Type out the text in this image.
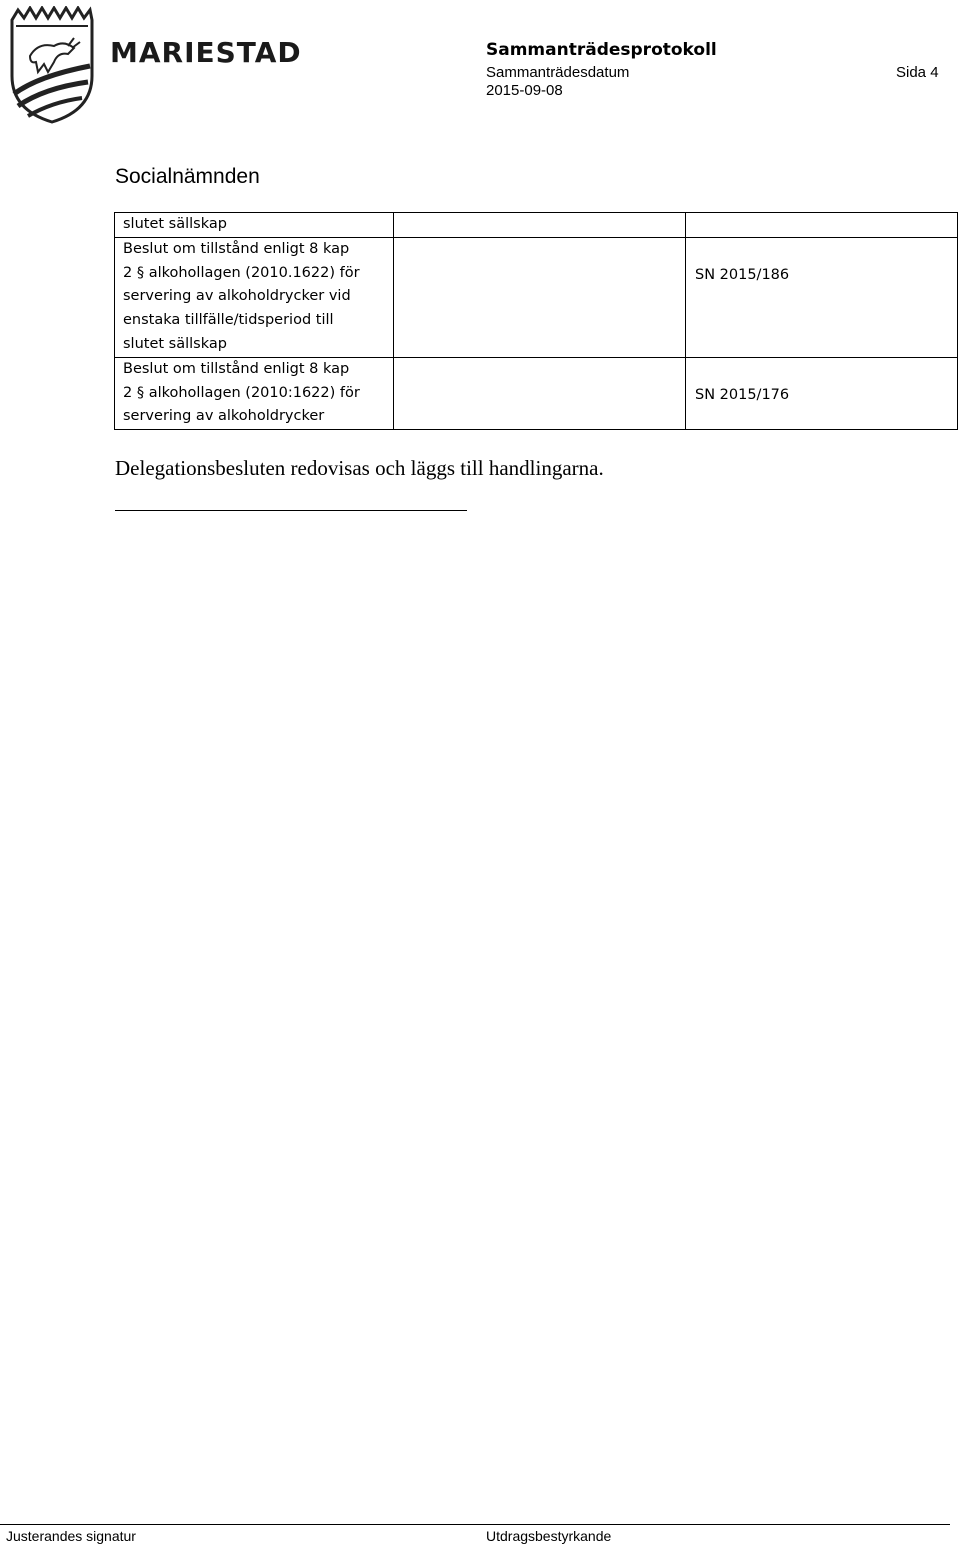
MARIESTAD	Sammanträdesprotokoll
Sammanträdesdatum
2015-09-08
Sida 4
Socialnämnden
slutet sällskap		

Beslut om tillstånd enligt 8 kap
2 § alkohollagen (2010.1622) för
servering av alkoholdrycker vid
enstaka tillfälle/tidsperiod till
slutet sällskap		SN 2015/186

Beslut om tillstånd enligt 8 kap
2 § alkohollagen (2010:1622) för
servering av alkoholdrycker		SN 2015/176
Delegationsbesluten redovisas och läggs till handlingarna.
Justerandes signatur	Utdragsbestyrkande
